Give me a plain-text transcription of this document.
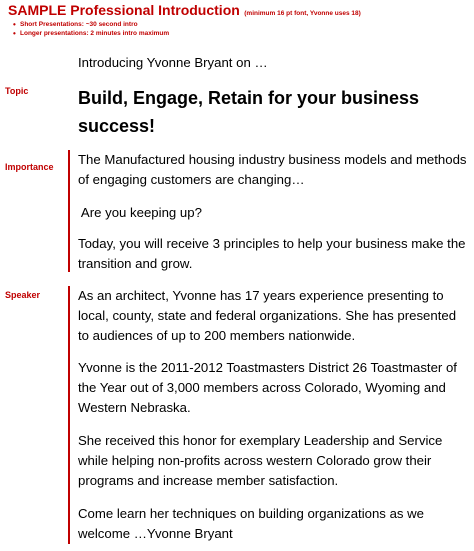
SAMPLE Professional Introduction (minimum 16 pt font, Yvonne uses 18)
• Short Presentations: ~30 second intro
• Longer presentations: 2 minutes intro maximum
Introducing Yvonne Bryant on …
Topic	Build, Engage, Retain for your business success!
Importance The Manufactured housing industry business models and methods of engaging customers are changing…
Are you keeping up?
Today, you will receive 3 principles to help your business make the transition and grow.
Speaker	As an architect, Yvonne has 17 years experience presenting to local, county, state and federal organizations. She has presented to audiences of up to 200 members nationwide.
Yvonne is the 2011-2012 Toastmasters District 26 Toastmaster of the Year out of 3,000 members across Colorado, Wyoming and Western Nebraska.
She received this honor for exemplary Leadership and Service while helping non-profits across western Colorado grow their programs and increase member satisfaction.
Come learn her techniques on building organizations as we welcome …Yvonne Bryant
